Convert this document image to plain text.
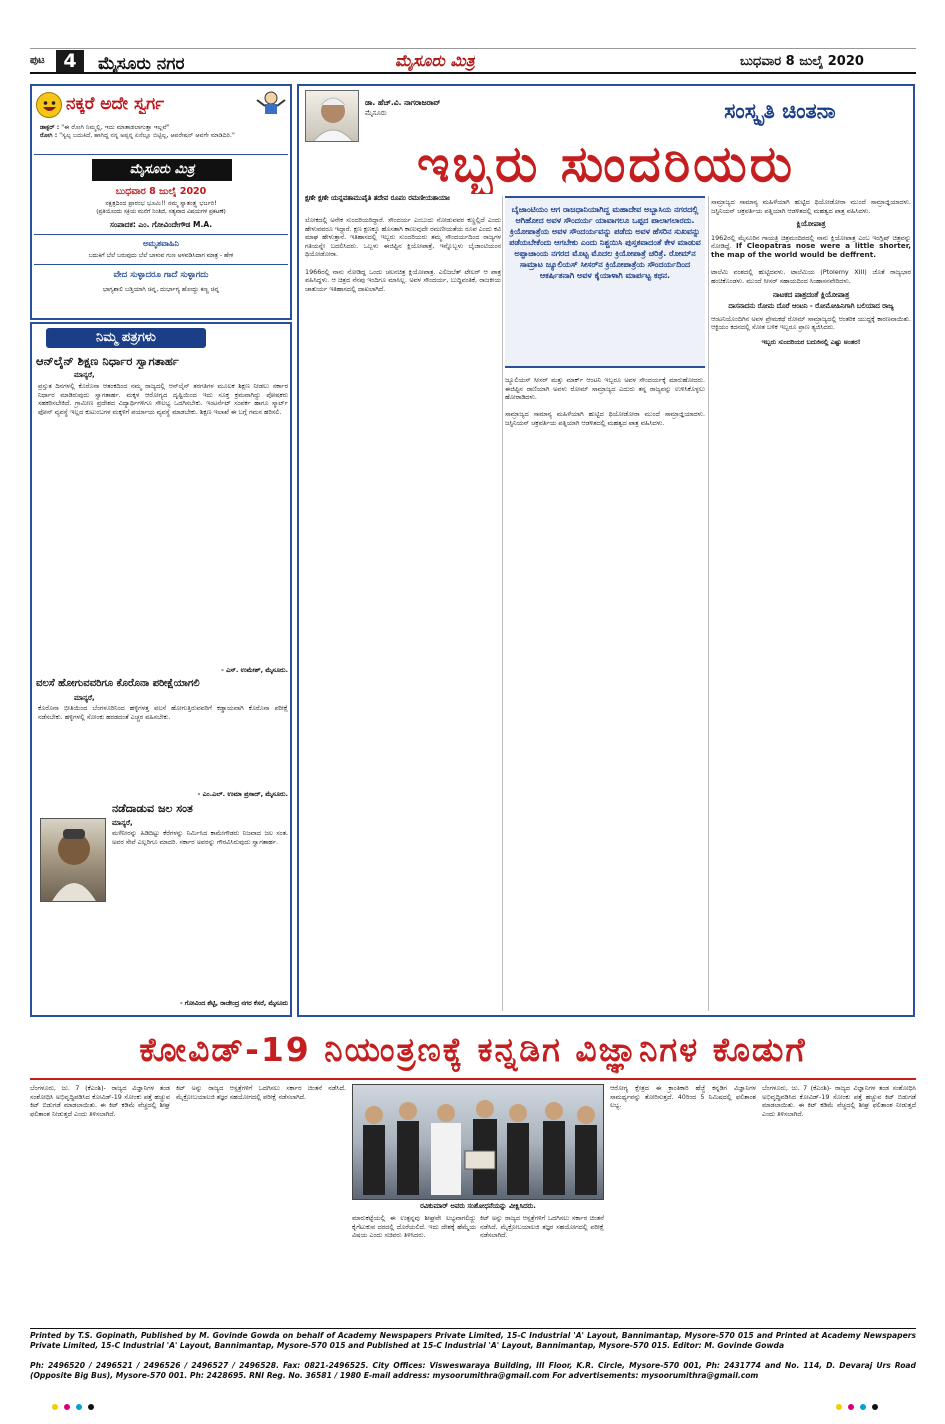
ಪುಟ 4	ಮೈಸೂರು ನಗರ	ಮೈಸೂರು ಮಿತ್ರ	ಬುಧವಾರ 8 ಜುಲೈ 2020
ನಕ್ಕರೆ ಅದೇ ಸ್ವರ್ಗ
ಡಾಕ್ಟರ್ : "ಈ ರೋಗಿ ನಿಮ್ಮಲ್ಲಿ, ಇದು ಮಾತಾಡಲಾಗುತ್ತಾ ಇಲ್ಲವೆ"
ರೋಗಿ : "ಸ್ವಲ್ಪ ಬದುಕಿದೆ, ಹಾಗಿದ್ದ ನನ್ನ ಅಪ್ಪನ್ನ ಏನೆಲ್ಲೂ ಬಿಟ್ಟಿಲ್ಲ, ಆಪರೇಷನ್ ಆವಗೇ ಮಾಡಿದಿರಿ."
ಮೈಸೂರು ಮಿತ್ರ
ಬುಧವಾರ 8 ಜುಲೈ 2020
ನಕ್ಷತ್ರದಿಂದ ಪ್ರಾರಂಭ ಭೂಮಿ!! ನಮ್ಮ ಸ್ವಾತಂತ್ರ್ಯ ಭರ್ಜರಿ!
(ಪ್ರತಿಯೊಂದು ಸಕ್ರಿಯ ಮನೆಗೆ ನಿಂತಿದೆ, ಸತ್ಯವಾದ ವಿಷಯಗಳ ಪ್ರಕಟಣೆ)
ಸಂಪಾದಕ: ಎಂ. ಗೋವಿಂದೇಗೌಡ M.A.
ಅಮೃತವಾಹಿನಿ
ಬದುಕಿಗೆ ಬೆಲೆ ಬರುವುದು ಬೆಲೆ ಬಾಳುವ ಗುಣ ಅಳವಡಿಸಿದಾಗ ಮಾತ್ರ - ಹೇಳಿ
ವೇದ ಸುಳ್ಳಾದರೂ ಗಾದೆ ಸುಳ್ಳಾಗದು
ಭಾಗ್ಯಶಾಲಿ ಬಡ್ತಿಯಾಗಿ ಚಿನ್ನ, ದುರ್ಭಾಗ್ಯ ಹೋದ್ದು ಕಣ್ಣ ಚಿನ್ನ
ನಿಮ್ಮ ಪತ್ರಗಳು
ಆನ್‌ಲೈನ್ ಶಿಕ್ಷಣ ನಿರ್ಧಾರ ಸ್ವಾಗತಾರ್ಹ
ಮಾನ್ಯರೆ,
ಪ್ರಸ್ತುತ ದಿನಗಳಲ್ಲಿ ಕೊರೊನಾ ಆತಂಕದಿಂದ ನಮ್ಮ ರಾಜ್ಯದಲ್ಲಿ ಆನ್‌ಲೈನ್ ತರಗತಿಗಳ ಮೂಲಕ ಶಿಕ್ಷಣ ನೀಡಲು ಸರ್ಕಾರ ನಿರ್ಧಾರ ಮಾಡಿರುವುದು ಸ್ವಾಗತಾರ್ಹ. ಮಕ್ಕಳ ಆರೋಗ್ಯದ ದೃಷ್ಟಿಯಿಂದ ಇದು ಸೂಕ್ತ ಕ್ರಮವಾಗಿದ್ದು ಪೋಷಕರು ಸಹಕರಿಸಬೇಕಿದೆ. ಗ್ರಾಮೀಣ ಪ್ರದೇಶದ ವಿದ್ಯಾರ್ಥಿಗಳಿಗೂ ಸೌಲಭ್ಯ ಒದಗಿಸಬೇಕು. ಇಂಟರ್ನೆಟ್ ಸಂಪರ್ಕ ಹಾಗೂ ಸ್ಮಾರ್ಟ್ ಫೋನ್ ವ್ಯವಸ್ಥೆ ಇಲ್ಲದ ಕುಟುಂಬಗಳ ಮಕ್ಕಳಿಗೆ ಪರ್ಯಾಯ ವ್ಯವಸ್ಥೆ ಮಾಡಬೇಕು. ಶಿಕ್ಷಣ ಇಲಾಖೆ ಈ ಬಗ್ಗೆ ಗಮನ ಹರಿಸಲಿ.
- ಎಸ್. ಉಮೇಶ್, ಮೈಸೂರು.
ವಲಸೆ ಹೋಗುವವರಿಗೂ ಕೊರೊನಾ ಪರೀಕ್ಷೆಯಾಗಲಿ
ಮಾನ್ಯರೆ,
ಕೊರೊನಾ ಭೀತಿಯಿಂದ ಬೆಂಗಳೂರಿನಿಂದ ಹಳ್ಳಿಗಳತ್ತ ವಲಸೆ ಹೋಗುತ್ತಿರುವವರಿಗೆ ಕಡ್ಡಾಯವಾಗಿ ಕೊರೊನಾ ಪರೀಕ್ಷೆ ನಡೆಸಬೇಕು. ಹಳ್ಳಿಗಳಲ್ಲಿ ಸೋಂಕು ಹರಡದಂತೆ ಎಚ್ಚರ ವಹಿಸಬೇಕು.
- ಎಂ.ಎಲ್. ಉಮಾ ಪ್ರಸಾದ್, ಮೈಸೂರು.
ನಡೆದಾಡುವ ಜಲ ಸಂತ
ಮಾನ್ಯರೆ,
ಮಳೆನೀರನ್ನು ಹಿಡಿದಿಟ್ಟು ಕೆರೆಗಳನ್ನು ನಿರ್ಮಿಸಿದ ಕಾಮೇಗೌಡರು ನಿಜವಾದ ಜಲ ಸಂತ. ಅವರ ಸೇವೆ ಎಲ್ಲರಿಗೂ ಮಾದರಿ. ಸರ್ಕಾರ ಅವರನ್ನು ಗೌರವಿಸಿರುವುದು ಸ್ವಾಗತಾರ್ಹ.
- ಗೋವಿಂದ ಶೆಟ್ಟಿ, ರಾಜೇಂದ್ರ ನಗರ ಕೆಸರೆ, ಮೈಸೂರು
ಡಾ. ಹೆಚ್.ವಿ. ನಾಗರಾಜರಾವ್
ಮೈಸೂರು	ಸಂಸ್ಕೃತಿ ಚಿಂತನಾ
ಇಬ್ಬರು ಸುಂದರಿಯರು
ಕ್ಷಣೇ ಕ್ಷಣೇ ಯನ್ನವತಾಮುಪೈತಿ ತದೇವ ರೂಪಂ ರಮಣೀಯತಾಯಾಃ
ಲೋಕದಲ್ಲಿ ಅನೇಕ ಸುಂದರಿಯರಿದ್ದಾರೆ. ಸೌಂದರ್ಯ ಎಂಬುದು ನೋಡುವವರ ಕಣ್ಣಲ್ಲಿದೆ ಎಂದು ಹೇಳುವವರೂ ಇದ್ದಾರೆ. ಕ್ಷಣ ಕ್ಷಣಕ್ಕೂ ಹೊಸತಾಗಿ ಕಾಣುವುದೇ ರಮಣೀಯತೆಯ ರೂಪ ಎಂದು ಕವಿ ಮಾಘ ಹೇಳುತ್ತಾನೆ. ಇತಿಹಾಸದಲ್ಲಿ ಇಬ್ಬರು ಸುಂದರಿಯರು ತಮ್ಮ ಸೌಂದರ್ಯದಿಂದ ರಾಜ್ಯಗಳ ಗತಿಯನ್ನೇ ಬದಲಿಸಿದರು. ಒಬ್ಬಳು ಈಜಿಪ್ಟಿನ ಕ್ಲಿಯೋಪಾತ್ರೆ, ಇನ್ನೊಬ್ಬಳು ಬೈಜಾಂಟಿಯಂನ ಥಿಯೋಡೋರಾ.

1966ರಲ್ಲಿ ನಾನು ನೋಡಿದ್ದ ಒಂದು ಚಲನಚಿತ್ರ ಕ್ಲಿಯೋಪಾತ್ರ. ಎಲಿಜಬೆತ್ ಟೇಲರ್ ಆ ಪಾತ್ರ ವಹಿಸಿದ್ದಳು. ಆ ಚಿತ್ರದ ನೆನಪು ಇಂದಿಗೂ ಮಾಸಿಲ್ಲ. ಅವಳ ಸೌಂದರ್ಯ, ಬುದ್ಧಿವಂತಿಕೆ, ರಾಜಕೀಯ ಚಾತುರ್ಯ ಇತಿಹಾಸದಲ್ಲಿ ದಾಖಲಾಗಿದೆ.
ಬೈಜಾಂಟಿಯಂ ಆಗ ರಾಜಧಾನಿಯಾಗಿದ್ದ ಮಹಾದೇವ ಅಬ್ಬಾಸಿಯ ನಗರದಲ್ಲಿ ಆಗಿಹೋದ ಅವಳ ಸೌಂದರ್ಯ ಯಾವಾಗಲೂ ಒಪ್ಪದ ಪಾಲಾಗಲಾರದು. ಕ್ರಿಯೋಪಾತ್ರೆಯ ಅವಳ ಸೌಂದರ್ಯವನ್ನು ಪಡೆದು ಅವಳ ಹೆಸರಿನ ಸುಖವನ್ನು ಪಡೆಯಬೇಕೆಂದು ಆಗಬೇಕು ಎಂದು ನಿಶ್ಚಯಿಸಿ ಪುಸ್ತಕವಾದಂತೆ ಕೇಳ ಮಾಡುವ ಅಪ್ಪಾಜಾಂಯ ನಗರದ ಮೊಟ್ಟ ಮೊದಲ ಕ್ರಿಯೋಪಾತ್ರೆ ಚರಿತ್ರೆ. ರೋಮ್‌ನ ಸಾಮ್ರಾಟ ಜ್ಯೂಲಿಯಸ್ ಸೀಸರ್‌ನ ಕ್ರಿಯೋಪಾತ್ರೆಯ ಸೌಂದರ್ಯದಿಂದ ಆಕರ್ಷಿತನಾಗಿ ಅವಳ ಕೈಯಾಳಾಗಿ ಮಾರ್ಪಟ್ಟ ಕಥನ.
ಜ್ಯೂಲಿಯಸ್ ಸೀಸರ್ ಮತ್ತು ಮಾರ್ಕ್ ಆಂಟನಿ ಇಬ್ಬರೂ ಅವಳ ಸೌಂದರ್ಯಕ್ಕೆ ಮಾರುಹೋದರು. ಈಜಿಪ್ಟಿನ ರಾಣಿಯಾಗಿ ಅವಳು ರೋಮ್ ಸಾಮ್ರಾಜ್ಯದ ಎದುರು ತನ್ನ ರಾಜ್ಯವನ್ನು ಉಳಿಸಿಕೊಳ್ಳಲು ಹೋರಾಡಿದಳು.

ಸಾಮ್ರಾಜ್ಯದ ಸಾಮಾನ್ಯ ಮಹಿಳೆಯಾಗಿ ಹುಟ್ಟಿದ ಥಿಯೋಡೋರಾ ಮುಂದೆ ಸಾಮ್ರಾಜ್ಞಿಯಾದಳು. ಜಸ್ಟಿನಿಯನ್ ಚಕ್ರವರ್ತಿಯ ಪತ್ನಿಯಾಗಿ ಆಡಳಿತದಲ್ಲಿ ಮಹತ್ವದ ಪಾತ್ರ ವಹಿಸಿದಳು.
ಸಾಮ್ರಾಜ್ಯದ ಸಾಮಾನ್ಯ ಮಹಿಳೆಯಾಗಿ ಹುಟ್ಟಿದ ಥಿಯೋಡೋರಾ ಮುಂದೆ ಸಾಮ್ರಾಜ್ಞಿಯಾದಳು. ಜಸ್ಟಿನಿಯನ್ ಚಕ್ರವರ್ತಿಯ ಪತ್ನಿಯಾಗಿ ಆಡಳಿತದಲ್ಲಿ ಮಹತ್ವದ ಪಾತ್ರ ವಹಿಸಿದಳು.
ಕ್ಲಿಯೋಪಾತ್ರ
1962ರಲ್ಲಿ ಮೈಸೂರಿನ ಗಾಯತ್ರಿ ಚಿತ್ರಮಂದಿರದಲ್ಲಿ ನಾನು ಕ್ಲಿಯೋಪಾತ್ರ ಎಂಬ ಇಂಗ್ಲಿಷ್ ಚಿತ್ರವನ್ನು ನೋಡಿದ್ದೆ. If Cleopatras nose were a little shorter, the map of the world would be deffrent.

ಟಾಲೆಮಿ ವಂಶದಲ್ಲಿ ಹುಟ್ಟಿದವಳು. ಟಾಲೆಮಿಯ (Ptolemy XIII) ಜೊತೆ ರಾಜ್ಯಭಾರ ಹಂಚಿಕೊಂಡಳು. ಮುಂದೆ ಸೀಸರ್ ಸಹಾಯದಿಂದ ಸಿಂಹಾಸನವೇರಿದಳು.
ನಾಟಕದ ಪಾತ್ರದಂತೆ ಕ್ಲಿಯೋಪಾತ್ರ
ದಾಸನಾದನು ರೋಮ ದೊರೆ ಆಂಟನಿ - ರೋಮೋಹಿನಿಗಾಗಿ ಬಲಿಯಾದ ರಾಜ್ಯ
ಆಂಟನಿಯೊಂದಿಗಿನ ಅವಳ ಪ್ರೇಮಕಥೆ ರೋಮ್ ಸಾಮ್ರಾಜ್ಯದಲ್ಲಿ ಆಂತರಿಕ ಯುದ್ಧಕ್ಕೆ ಕಾರಣವಾಯಿತು. ಆಕ್ಟಿಯಂ ಕದನದಲ್ಲಿ ಸೋತ ಬಳಿಕ ಇಬ್ಬರೂ ಪ್ರಾಣ ತ್ಯಜಿಸಿದರು.
ಇಬ್ಬರು ಸುಂದರಿಯರ ಬದುಕಿನಲ್ಲಿ ಎಷ್ಟು ಅಂತರ!
ಕೋವಿಡ್-19 ನಿಯಂತ್ರಣಕ್ಕೆ ಕನ್ನಡಿಗ ವಿಜ್ಞಾನಿಗಳ ಕೊಡುಗೆ
ಬೆಂಗಳೂರು, ಜು. 7 (ಕೆಎಂಶಿ)- ರಾಜ್ಯದ ವಿಜ್ಞಾನಿಗಳ ತಂಡ ಸಂಶೋಧಿಸಿ ಅಭಿವೃದ್ಧಿಪಡಿಸಿದ ಕೋವಿಡ್-19 ಸೋಂಕು ಪತ್ತೆ ಹಚ್ಚುವ ಕಿಟ್ ಬಿಡುಗಡೆ ಮಾಡಲಾಯಿತು. ಈ ಕಿಟ್ ಕಡಿಮೆ ವೆಚ್ಚದಲ್ಲಿ ಶೀಘ್ರ ಫಲಿತಾಂಶ ನೀಡುತ್ತದೆ ಎಂದು ತಿಳಿಸಲಾಗಿದೆ.
ಕಿಟ್ ಅನ್ನು ರಾಜ್ಯದ ಆಸ್ಪತ್ರೆಗಳಿಗೆ ಒದಗಿಸಲು ಸರ್ಕಾರ ಚಿಂತನೆ ನಡೆಸಿದೆ. ಮೈಕ್ರೋಬಯಾಲಜಿ ತಜ್ಞರ ಸಹಯೋಗದಲ್ಲಿ ಪರೀಕ್ಷೆ ನಡೆಸಲಾಗಿದೆ.
ರವಿಕುಮಾರ್ ಅವರು ಸಂಶೋಧನೆಯನ್ನು ವೀಕ್ಷಿಸಿದರು.
ಮಾರುಕಟ್ಟೆಯಲ್ಲಿ ಈ ಉತ್ಪನ್ನವು ಶೀಘ್ರವೇ ಲಭ್ಯವಾಗಲಿದ್ದು ಕೈಗೆಟುಕುವ ದರದಲ್ಲಿ ದೊರೆಯಲಿದೆ. ಇದು ದೇಶಕ್ಕೆ ಹೆಮ್ಮೆಯ ವಿಷಯ ಎಂದು ಸಚಿವರು ತಿಳಿಸಿದರು.
ಕಿಟ್ ಅನ್ನು ರಾಜ್ಯದ ಆಸ್ಪತ್ರೆಗಳಿಗೆ ಒದಗಿಸಲು ಸರ್ಕಾರ ಚಿಂತನೆ ನಡೆಸಿದೆ. ಮೈಕ್ರೋಬಯಾಲಜಿ ತಜ್ಞರ ಸಹಯೋಗದಲ್ಲಿ ಪರೀಕ್ಷೆ ನಡೆಸಲಾಗಿದೆ.
ಆರೋಗ್ಯ ಕ್ಷೇತ್ರದ ಈ ಕ್ರಾಂತಿಕಾರಿ ಹೆಜ್ಜೆ ಕನ್ನಡಿಗ ವಿಜ್ಞಾನಿಗಳ ಸಾಮರ್ಥ್ಯವನ್ನು ತೋರಿಸುತ್ತದೆ. 40ರಿಂದ 5 ನಿಮಿಷದಲ್ಲಿ ಫಲಿತಾಂಶ ಲಭ್ಯ.
ಬೆಂಗಳೂರು, ಜು. 7 (ಕೆಎಂಶಿ)- ರಾಜ್ಯದ ವಿಜ್ಞಾನಿಗಳ ತಂಡ ಸಂಶೋಧಿಸಿ ಅಭಿವೃದ್ಧಿಪಡಿಸಿದ ಕೋವಿಡ್-19 ಸೋಂಕು ಪತ್ತೆ ಹಚ್ಚುವ ಕಿಟ್ ಬಿಡುಗಡೆ ಮಾಡಲಾಯಿತು. ಈ ಕಿಟ್ ಕಡಿಮೆ ವೆಚ್ಚದಲ್ಲಿ ಶೀಘ್ರ ಫಲಿತಾಂಶ ನೀಡುತ್ತದೆ ಎಂದು ತಿಳಿಸಲಾಗಿದೆ.
Printed by T.S. Gopinath, Published by M. Govinde Gowda on behalf of Academy Newspapers Private Limited, 15-C Industrial 'A' Layout, Bannimantap, Mysore-570 015 and Printed at Academy Newspapers Private Limited, 15-C Industrial 'A' Layout, Bannimantap, Mysore-570 015 and Published at 15-C Industrial 'A' Layout, Bannimantap, Mysore-570 015. Editor: M. Govinde Gowda
Ph: 2496520 / 2496521 / 2496526 / 2496527 / 2496528. Fax: 0821-2496525. City Offices: Visweswaraya Building, III Floor, K.R. Circle, Mysore-570 001, Ph: 2431774 and No. 114, D. Devaraj Urs Road (Opposite Big Bus), Mysore-570 001. Ph: 2428695. RNI Reg. No. 36581 / 1980 E-mail address: mysoorumithra@gmail.com For advertisements: mysoorumithra@gmail.com
